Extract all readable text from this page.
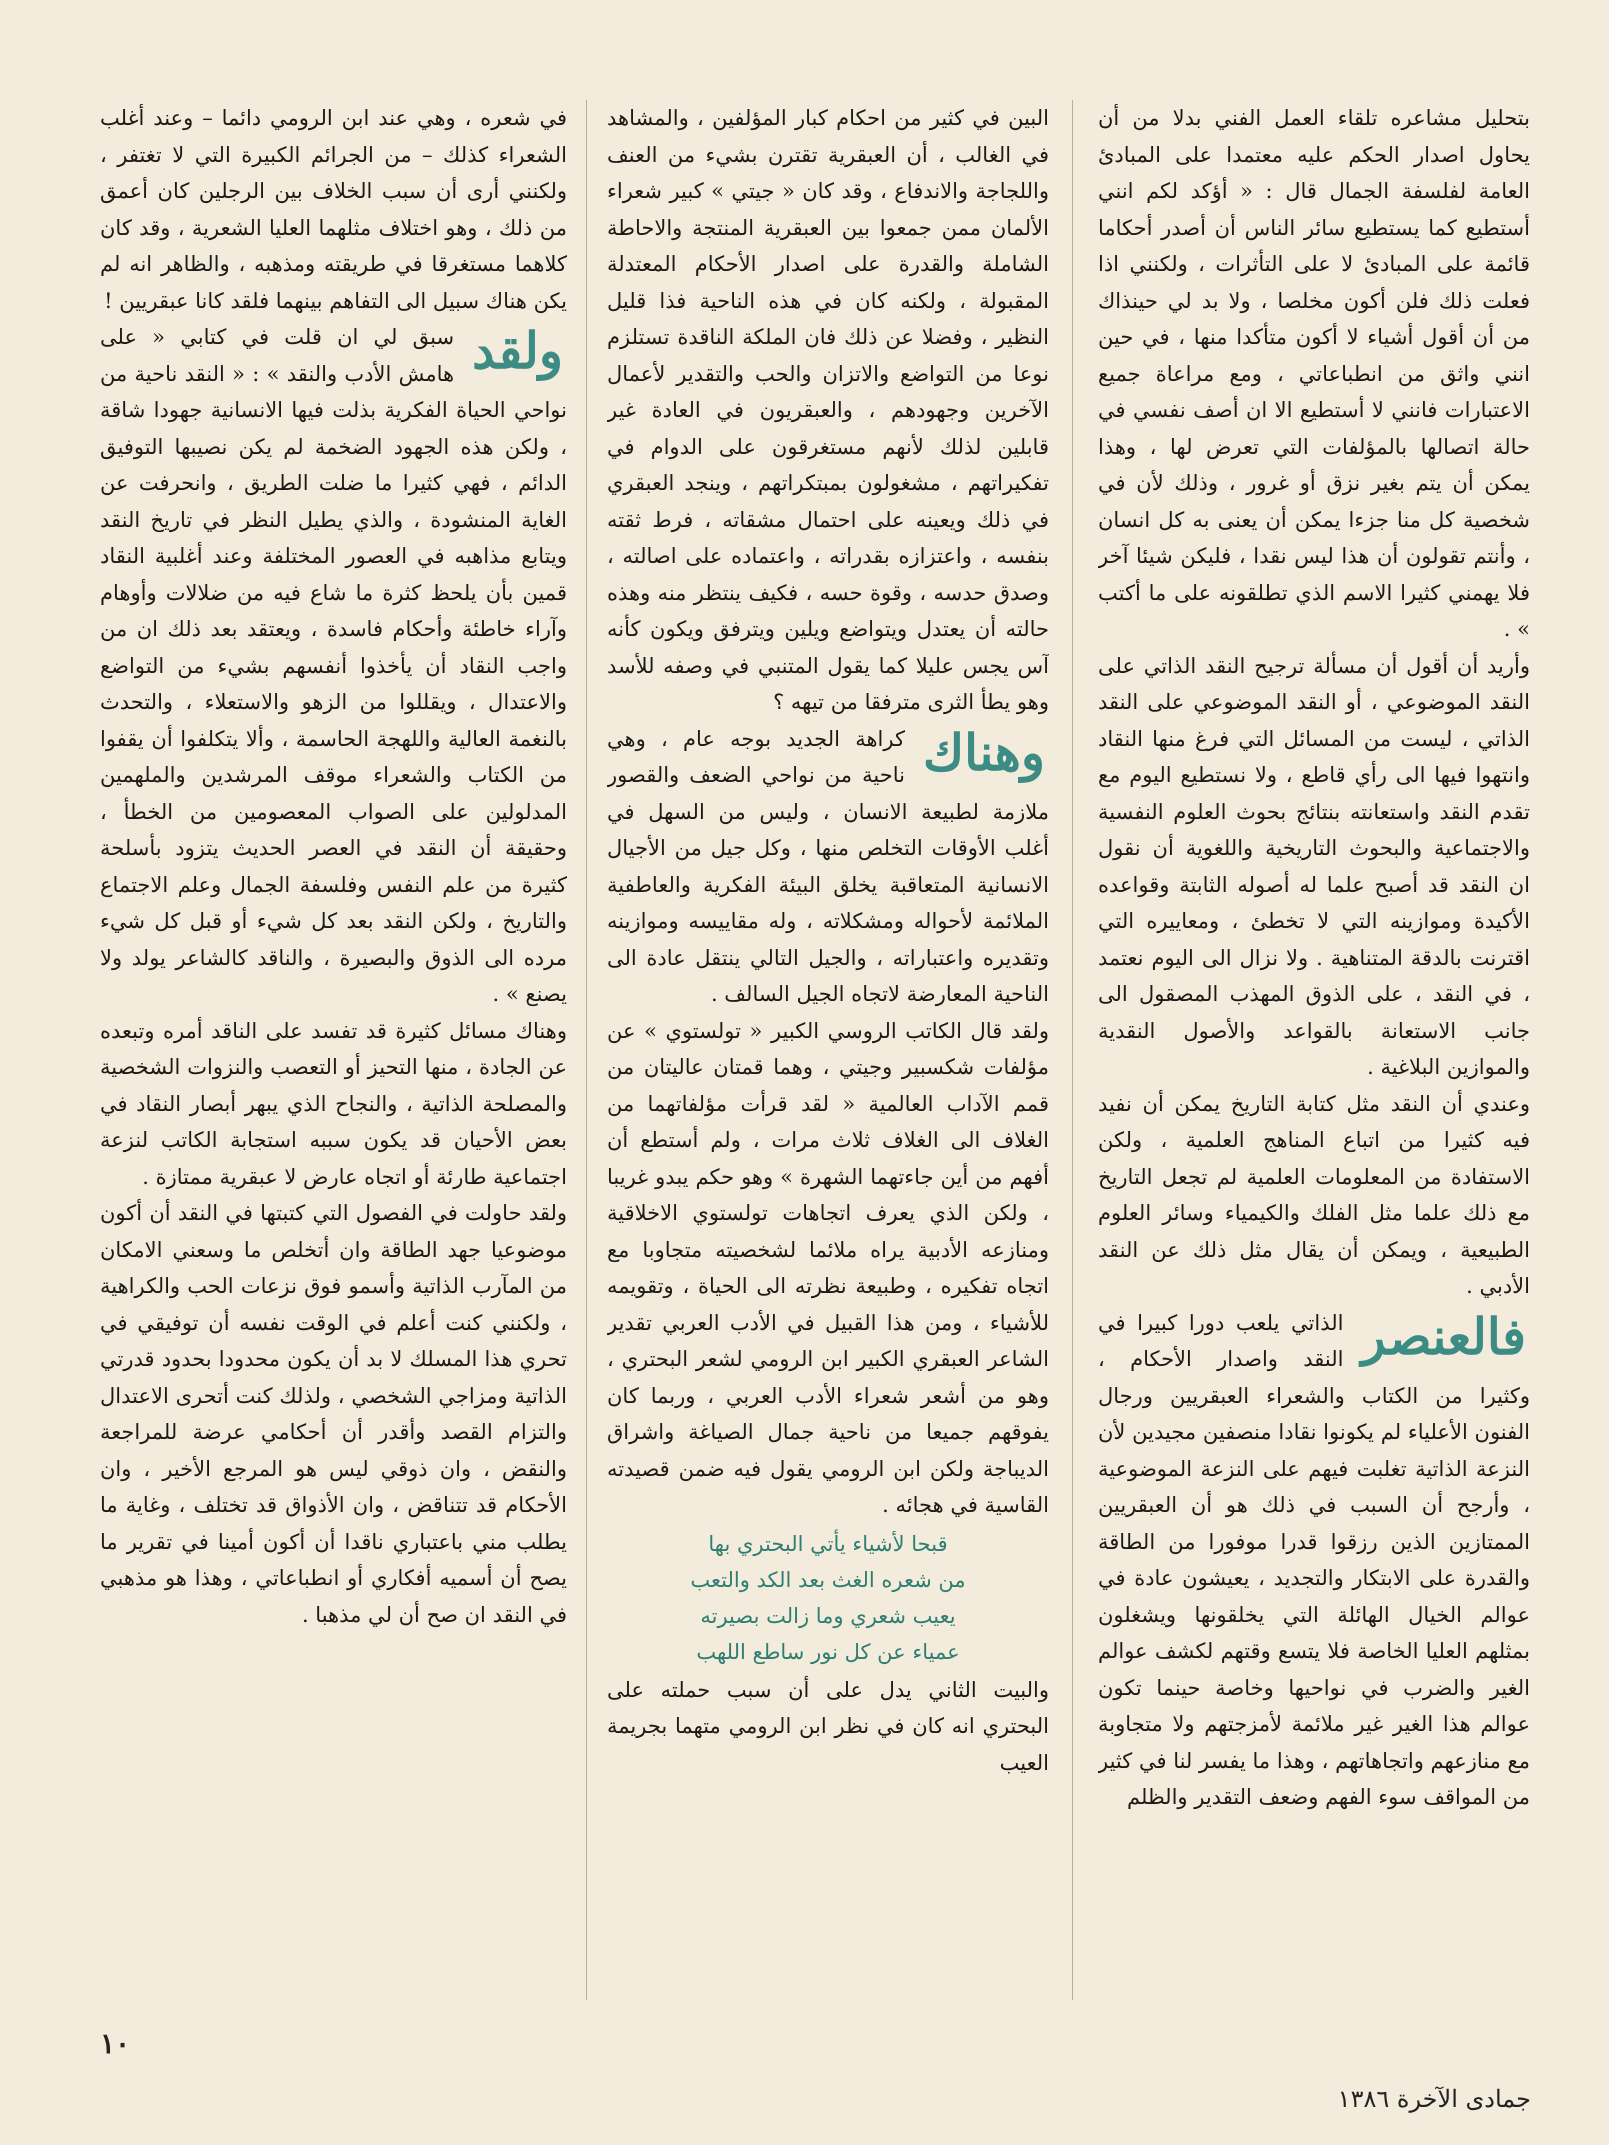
بتحليل مشاعره تلقاء العمل الفني بدلا من أن يحاول اصدار الحكم عليه معتمدا على المبادئ العامة لفلسفة الجمال قال : « أؤكد لكم انني أستطيع كما يستطيع سائر الناس أن أصدر أحكاما قائمة على المبادئ لا على التأثرات ، ولكنني اذا فعلت ذلك فلن أكون مخلصا ، ولا بد لي حينذاك من أن أقول أشياء لا أكون متأكدا منها ، في حين انني واثق من انطباعاتي ، ومع مراعاة جميع الاعتبارات فانني لا أستطيع الا ان أصف نفسي في حالة اتصالها بالمؤلفات التي تعرض لها ، وهذا يمكن أن يتم بغير نزق أو غرور ، وذلك لأن في شخصية كل منا جزءا يمكن أن يعنى به كل انسان ، وأنتم تقولون أن هذا ليس نقدا ، فليكن شيئا آخر فلا يهمني كثيرا الاسم الذي تطلقونه على ما أكتب » .

وأريد أن أقول أن مسألة ترجيح النقد الذاتي على النقد الموضوعي ، أو النقد الموضوعي على النقد الذاتي ، ليست من المسائل التي فرغ منها النقاد وانتهوا فيها الى رأي قاطع ، ولا نستطيع اليوم مع تقدم النقد واستعانته بنتائج بحوث العلوم النفسية والاجتماعية والبحوث التاريخية واللغوية أن نقول ان النقد قد أصبح علما له أصوله الثابتة وقواعده الأكيدة وموازينه التي لا تخطئ ، ومعاييره التي اقترنت بالدقة المتناهية . ولا نزال الى اليوم نعتمد ، في النقد ، على الذوق المهذب المصقول الى جانب الاستعانة بالقواعد والأصول النقدية والموازين البلاغية .

وعندي أن النقد مثل كتابة التاريخ يمكن أن نفيد فيه كثيرا من اتباع المناهج العلمية ، ولكن الاستفادة من المعلومات العلمية لم تجعل التاريخ مع ذلك علما مثل الفلك والكيمياء وسائر العلوم الطبيعية ، ويمكن أن يقال مثل ذلك عن النقد الأدبي .

فالعنصر
الذاتي يلعب دورا كبيرا في النقد واصدار الأحكام ، وكثيرا من الكتاب والشعراء العبقريين ورجال الفنون الأعلياء لم يكونوا نقادا منصفين مجيدين لأن النزعة الذاتية تغلبت فيهم على النزعة الموضوعية ، وأرجح أن السبب في ذلك هو أن العبقريين الممتازين الذين رزقوا قدرا موفورا من الطاقة والقدرة على الابتكار والتجديد ، يعيشون عادة في عوالم الخيال الهائلة التي يخلقونها ويشغلون بمثلهم العليا الخاصة فلا يتسع وقتهم لكشف عوالم الغير والضرب في نواحيها وخاصة حينما تكون عوالم هذا الغير غير ملائمة لأمزجتهم ولا متجاوبة مع منازعهم واتجاهاتهم ، وهذا ما يفسر لنا في كثير من المواقف سوء الفهم وضعف التقدير والظلم

البين في كثير من احكام كبار المؤلفين ، والمشاهد في الغالب ، أن العبقرية تقترن بشيء من العنف واللجاجة والاندفاع ، وقد كان « جيتي » كبير شعراء الألمان ممن جمعوا بين العبقرية المنتجة والاحاطة الشاملة والقدرة على اصدار الأحكام المعتدلة المقبولة ، ولكنه كان في هذه الناحية فذا قليل النظير ، وفضلا عن ذلك فان الملكة الناقدة تستلزم نوعا من التواضع والاتزان والحب والتقدير لأعمال الآخرين وجهودهم ، والعبقريون في العادة غير قابلين لذلك لأنهم مستغرقون على الدوام في تفكيراتهم ، مشغولون بمبتكراتهم ، وينجد العبقري في ذلك ويعينه على احتمال مشقاته ، فرط ثقته بنفسه ، واعتزازه بقدراته ، واعتماده على اصالته ، وصدق حدسه ، وقوة حسه ، فكيف ينتظر منه وهذه حالته أن يعتدل ويتواضع ويلين ويترفق ويكون كأنه آس يجس عليلا كما يقول المتنبي في وصفه للأسد وهو يطأ الثرى مترفقا من تيهه ؟

وهناك
كراهة الجديد بوجه عام ، وهي ناحية من نواحي الضعف والقصور ملازمة لطبيعة الانسان ، وليس من السهل في أغلب الأوقات التخلص منها ، وكل جيل من الأجيال الانسانية المتعاقبة يخلق البيئة الفكرية والعاطفية الملائمة لأحواله ومشكلاته ، وله مقاييسه وموازينه وتقديره واعتباراته ، والجيل التالي ينتقل عادة الى الناحية المعارضة لاتجاه الجيل السالف .

ولقد قال الكاتب الروسي الكبير « تولستوي » عن مؤلفات شكسبير وجيتي ، وهما قمتان عاليتان من قمم الآداب العالمية « لقد قرأت مؤلفاتهما من الغلاف الى الغلاف ثلاث مرات ، ولم أستطع أن أفهم من أين جاءتهما الشهرة » وهو حكم يبدو غريبا ، ولكن الذي يعرف اتجاهات تولستوي الاخلاقية ومنازعه الأدبية يراه ملائما لشخصيته متجاوبا مع اتجاه تفكيره ، وطبيعة نظرته الى الحياة ، وتقويمه للأشياء ، ومن هذا القبيل في الأدب العربي تقدير الشاعر العبقري الكبير ابن الرومي لشعر البحتري ، وهو من أشعر شعراء الأدب العربي ، وربما كان يفوقهم جميعا من ناحية جمال الصياغة واشراق الديباجة ولكن ابن الرومي يقول فيه ضمن قصيدته القاسية في هجائه .

قبحا لأشياء يأتي البحتري بها
من شعره الغث بعد الكد والتعب
يعيب شعري وما زالت بصيرته
عمياء عن كل نور ساطع اللهب

والبيت الثاني يدل على أن سبب حملته على البحتري انه كان في نظر ابن الرومي متهما بجريمة العيب

في شعره ، وهي عند ابن الرومي دائما – وعند أغلب الشعراء كذلك – من الجرائم الكبيرة التي لا تغتفر ، ولكنني أرى أن سبب الخلاف بين الرجلين كان أعمق من ذلك ، وهو اختلاف مثلهما العليا الشعرية ، وقد كان كلاهما مستغرقا في طريقته ومذهبه ، والظاهر انه لم يكن هناك سبيل الى التفاهم بينهما فلقد كانا عبقريين !

ولقد
سبق لي ان قلت في كتابي « على هامش الأدب والنقد » : « النقد ناحية من نواحي الحياة الفكرية بذلت فيها الانسانية جهودا شاقة ، ولكن هذه الجهود الضخمة لم يكن نصيبها التوفيق الدائم ، فهي كثيرا ما ضلت الطريق ، وانحرفت عن الغاية المنشودة ، والذي يطيل النظر في تاريخ النقد ويتابع مذاهبه في العصور المختلفة وعند أغلبية النقاد قمين بأن يلحظ كثرة ما شاع فيه من ضلالات وأوهام وآراء خاطئة وأحكام فاسدة ، ويعتقد بعد ذلك ان من واجب النقاد أن يأخذوا أنفسهم بشيء من التواضع والاعتدال ، ويقللوا من الزهو والاستعلاء ، والتحدث بالنغمة العالية واللهجة الحاسمة ، وألا يتكلفوا أن يقفوا من الكتاب والشعراء موقف المرشدين والملهمين المدلولين على الصواب المعصومين من الخطأ ، وحقيقة أن النقد في العصر الحديث يتزود بأسلحة كثيرة من علم النفس وفلسفة الجمال وعلم الاجتماع والتاريخ ، ولكن النقد بعد كل شيء أو قبل كل شيء مرده الى الذوق والبصيرة ، والناقد كالشاعر يولد ولا يصنع » .

وهناك مسائل كثيرة قد تفسد على الناقد أمره وتبعده عن الجادة ، منها التحيز أو التعصب والنزوات الشخصية والمصلحة الذاتية ، والنجاح الذي يبهر أبصار النقاد في بعض الأحيان قد يكون سببه استجابة الكاتب لنزعة اجتماعية طارئة أو اتجاه عارض لا عبقرية ممتازة .

ولقد حاولت في الفصول التي كتبتها في النقد أن أكون موضوعيا جهد الطاقة وان أتخلص ما وسعني الامكان من المآرب الذاتية وأسمو فوق نزعات الحب والكراهية ، ولكنني كنت أعلم في الوقت نفسه أن توفيقي في تحري هذا المسلك لا بد أن يكون محدودا بحدود قدرتي الذاتية ومزاجي الشخصي ، ولذلك كنت أتحرى الاعتدال والتزام القصد وأقدر أن أحكامي عرضة للمراجعة والنقض ، وان ذوقي ليس هو المرجع الأخير ، وان الأحكام قد تتناقض ، وان الأذواق قد تختلف ، وغاية ما يطلب مني باعتباري ناقدا أن أكون أمينا في تقرير ما يصح أن أسميه أفكاري أو انطباعاتي ، وهذا هو مذهبي في النقد ان صح أن لي مذهبا .

١٠
جمادى الآخرة ١٣٨٦
